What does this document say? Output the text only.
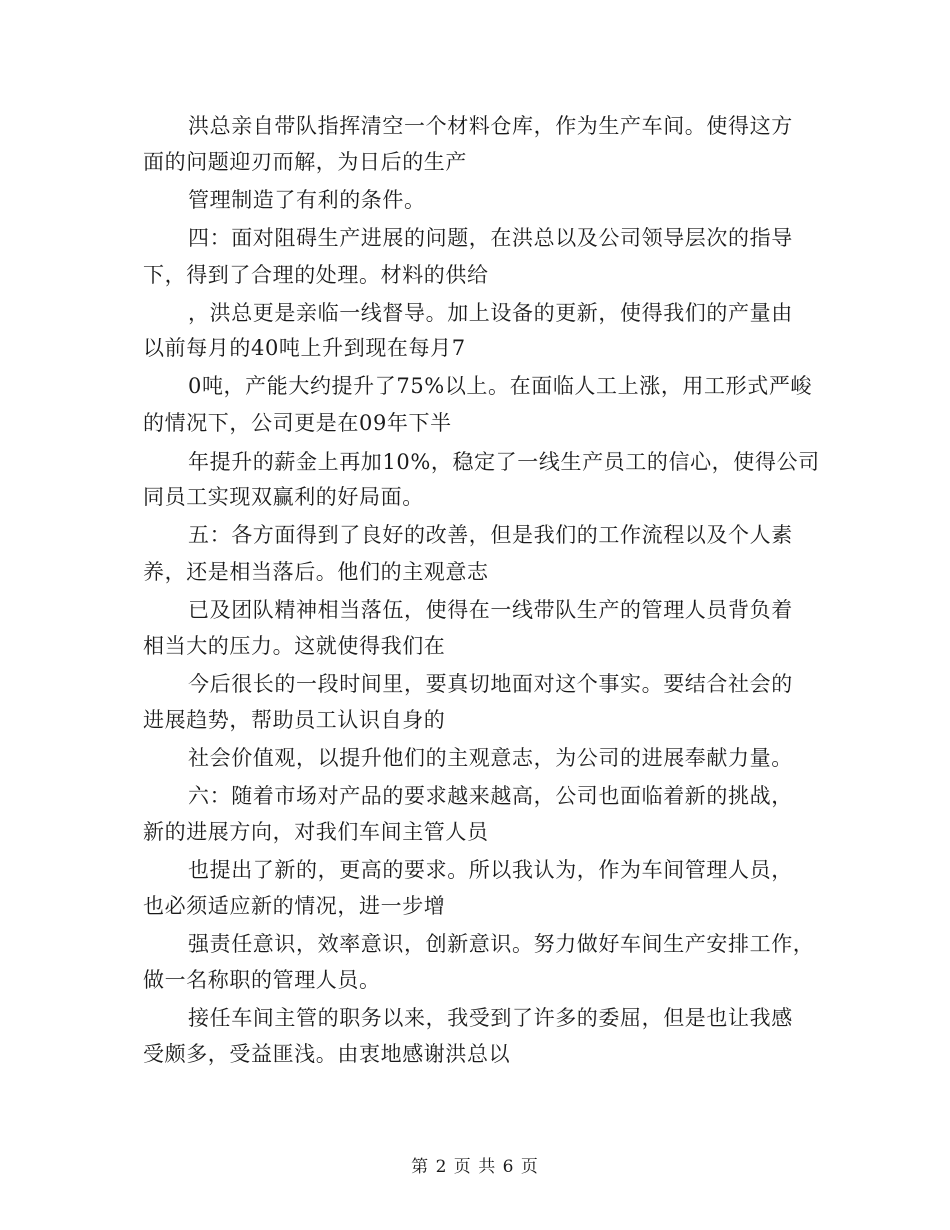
洪总亲自带队指挥清空一个材料仓库，作为生产车间。使得这方
面的问题迎刃而解，为日后的生产
管理制造了有利的条件。
四：面对阻碍生产进展的问题，在洪总以及公司领导层次的指导
下，得到了合理的处理。材料的供给
，洪总更是亲临一线督导。加上设备的更新，使得我们的产量由
以前每月的40吨上升到现在每月7
0吨，产能大约提升了75%以上。在面临人工上涨，用工形式严峻
的情况下，公司更是在09年下半
年提升的薪金上再加10%，稳定了一线生产员工的信心，使得公司
同员工实现双赢利的好局面。
五：各方面得到了良好的改善，但是我们的工作流程以及个人素
养，还是相当落后。他们的主观意志
已及团队精神相当落伍，使得在一线带队生产的管理人员背负着
相当大的压力。这就使得我们在
今后很长的一段时间里，要真切地面对这个事实。要结合社会的
进展趋势，帮助员工认识自身的
社会价值观，以提升他们的主观意志，为公司的进展奉献力量。
六：随着市场对产品的要求越来越高，公司也面临着新的挑战，
新的进展方向，对我们车间主管人员
也提出了新的，更高的要求。所以我认为，作为车间管理人员，
也必须适应新的情况，进一步增
强责任意识，效率意识，创新意识。努力做好车间生产安排工作，
做一名称职的管理人员。
接任车间主管的职务以来，我受到了许多的委屈，但是也让我感
受颇多，受益匪浅。由衷地感谢洪总以
第 2 页 共 6 页
